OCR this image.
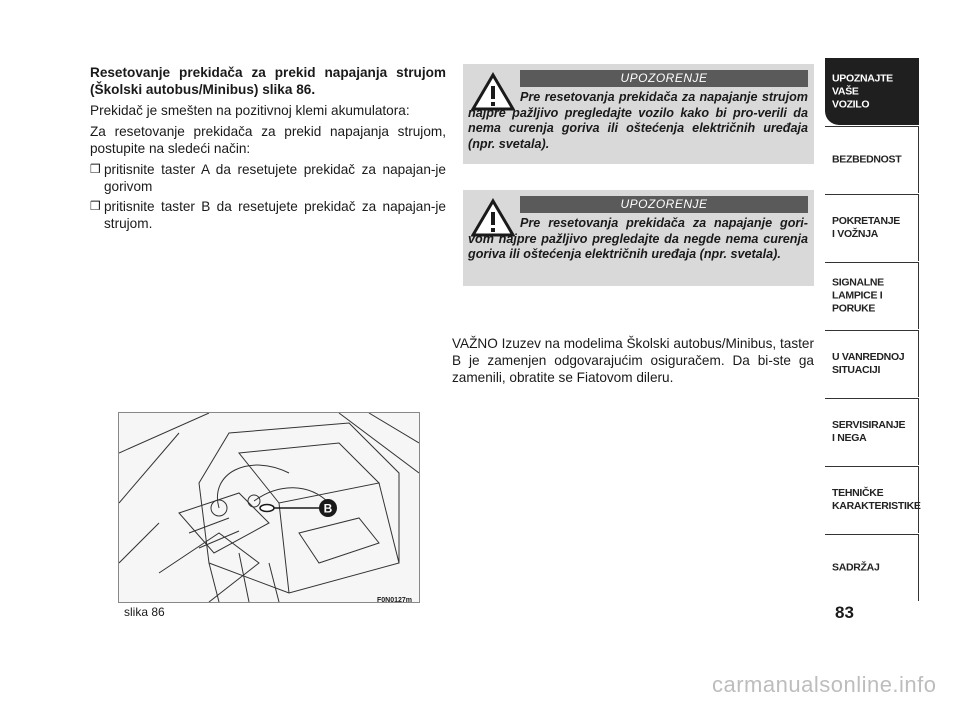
Resetovanje prekidača za prekid napajanja strujom (Školski autobus/Minibus) slika 86.

Prekidač je smešten na pozitivnoj klemi akumulatora:

Za resetovanje prekidača za prekid napajanja strujom, postupite na sledeći način:

❒ pritisnite taster A da resetujete prekidač za napajan-je gorivom
❒ pritisnite taster B da resetujete prekidač za napajan-je strujom.
UPOZORENJE
Pre resetovanja prekidača za napajanje strujom najpre pažljivo pregledajte vozilo kako bi pro-verili da nema curenja goriva ili oštećenja električnih uređaja (npr. svetala).
UPOZORENJE
Pre resetovanja prekidača za napajanje gori-vom najpre pažljivo pregledajte da negde nema curenja goriva ili oštećenja električnih uređaja (npr. svetala).
VAŽNO Izuzev na modelima Školski autobus/Minibus, taster B je zamenjen odgovarajućim osiguračem. Da bi-ste ga zamenili, obratite se Fiatovom dileru.
B
slika 86
F0N0127m
UPOZNAJTE
VAŠE
VOZILO
BEZBEDNOST
POKRETANJE
I VOŽNJA
SIGNALNE
LAMPICE I PORUKE
U VANREDNOJ
SITUACIJI
SERVISIRANJE
I NEGA
TEHNIČKE
KARAKTERISTIKE
SADRŽAJ
83
carmanualsonline.info
